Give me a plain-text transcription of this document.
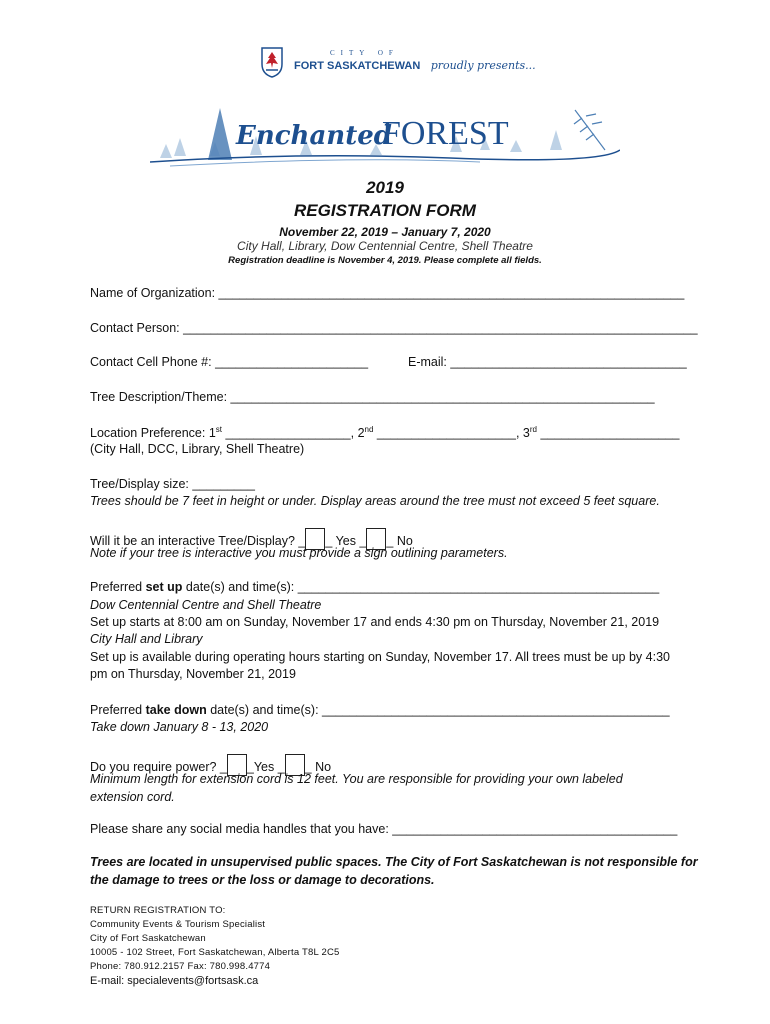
CITY OF
FORT SASKATCHEWAN proudly presents...
Enchanted
FOREST
2019
REGISTRATION FORM
November 22, 2019 – January 7, 2020
City Hall, Library, Dow Centennial Centre, Shell Theatre
Registration deadline is November 4, 2019. Please complete all fields.
Name of Organization: ___________________________________________________________________
Contact Person: __________________________________________________________________________
Contact Cell Phone #: ______________________	E-mail: __________________________________
Tree Description/Theme: _____________________________________________________________
Location Preference: 1st __________________, 2nd ____________________, 3rd ____________________
(City Hall, DCC, Library, Shell Theatre)
Tree/Display size: _________
Trees should be 7 feet in height or under. Display areas around the tree must not exceed 5 feet square.
Will it be an interactive Tree/Display? _ _ Yes _ _ No
Note if your tree is interactive you must provide a sign outlining parameters.
Preferred set up date(s) and time(s): ____________________________________________________
Dow Centennial Centre and Shell Theatre
Set up starts at 8:00 am on Sunday, November 17 and ends 4:30 pm on Thursday, November 21, 2019
City Hall and Library
Set up is available during operating hours starting on Sunday, November 17. All trees must be up by 4:30
pm on Thursday, November 21, 2019
Preferred take down date(s) and time(s): __________________________________________________
Take down January 8 - 13, 2020
Do you require power? _ _Yes _ _ No
Minimum length for extension cord is 12 feet. You are responsible for providing your own labeled
extension cord.
Please share any social media handles that you have: _________________________________________
Trees are located in unsupervised public spaces. The City of Fort Saskatchewan is not responsible for
the damage to trees or the loss or damage to decorations.
RETURN REGISTRATION TO:
Community Events & Tourism Specialist
City of Fort Saskatchewan
10005 - 102 Street, Fort Saskatchewan, Alberta T8L 2C5
Phone: 780.912.2157 Fax: 780.998.4774
E-mail: specialevents@fortsask.ca
